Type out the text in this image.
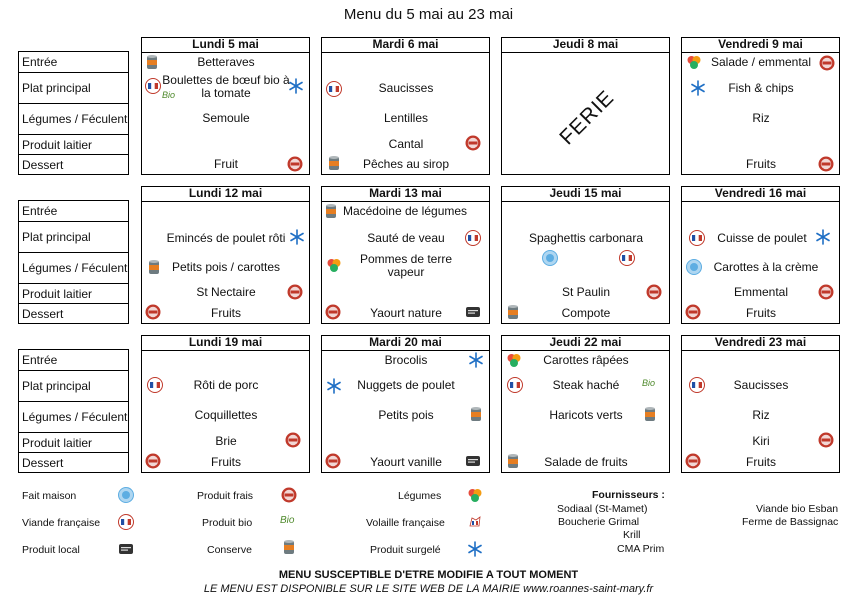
Menu du 5 mai au 23 mai
Entrée
Plat principal
Légumes / Féculent
Produit laitier
Dessert
Lundi 5 mai
Betteraves
Bio
Boulettes de bœuf bio à la tomate
Semoule
Fruit
Mardi 6 mai
Saucisses
Lentilles
Cantal
Pêches au sirop
Jeudi 8 mai
FERIE
Vendredi 9 mai
Salade / emmental
Fish & chips
Riz
Fruits
Entrée
Plat principal
Légumes / Féculent
Produit laitier
Dessert
Lundi 12 mai
Emincés de poulet rôti
Petits pois / carottes
St Nectaire
Fruits
Mardi 13 mai
Macédoine de légumes
Sauté de veau
Pommes de terre vapeur
Yaourt nature
Jeudi 15 mai
Spaghettis carbonara
St Paulin
Compote
Vendredi 16 mai
Cuisse de poulet
Carottes à la crème
Emmental
Fruits
Entrée
Plat principal
Légumes / Féculent
Produit laitier
Dessert
Lundi 19 mai
Rôti de porc
Coquillettes
Brie
Fruits
Mardi 20 mai
Brocolis
Nuggets de poulet
Petits pois
Yaourt vanille
Jeudi 22 mai
Carottes râpées
Steak haché	Bio
Haricots verts
Salade de fruits
Vendredi 23 mai
Saucisses
Riz
Kiri
Fruits
Fait maison
Viande française
Produit local
Produit frais
Produit bio	Bio
Conserve
Légumes
Volaille française
Produit surgelé
Fournisseurs :
Sodiaal (St-Mamet)
Boucherie Grimal
Krill
CMA Prim
Viande bio Esban
Ferme de Bassignac
MENU SUSCEPTIBLE D'ETRE MODIFIE A TOUT MOMENT
LE MENU EST DISPONIBLE SUR LE SITE WEB DE LA MAIRIE www.roannes-saint-mary.fr
